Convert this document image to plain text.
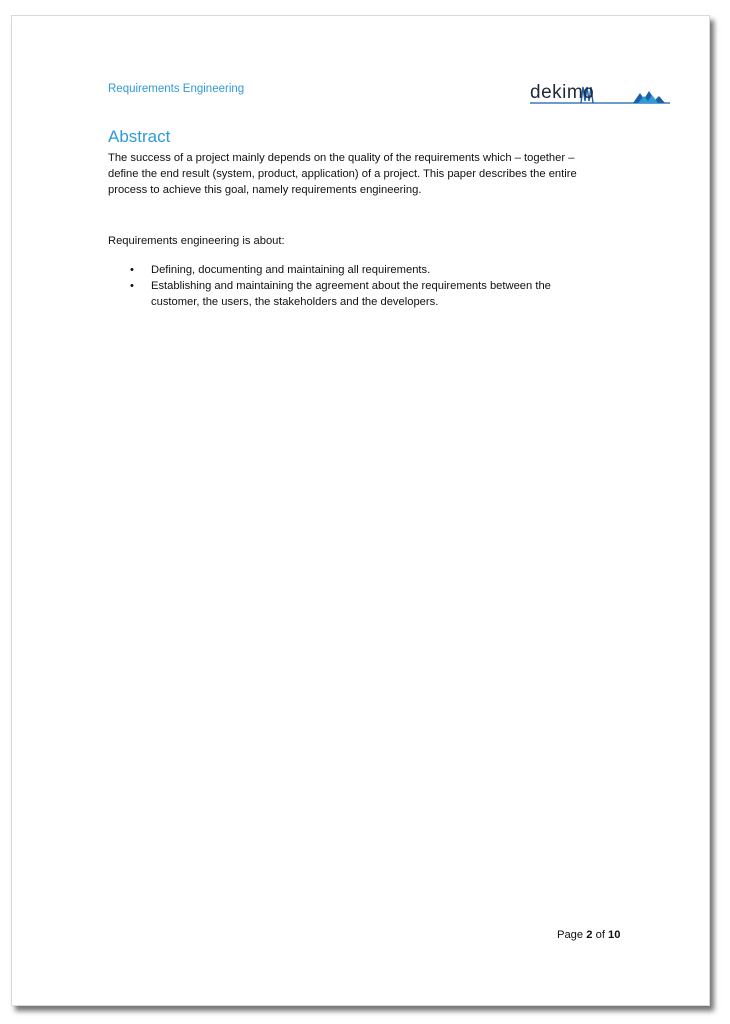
Requirements Engineering	dekimo
Abstract
The success of a project mainly depends on the quality of the requirements which – together –
define the end result (system, product, application) of a project. This paper describes the entire
process to achieve this goal, namely requirements engineering.
Requirements engineering is about:
• Defining, documenting and maintaining all requirements.
• Establishing and maintaining the agreement about the requirements between the
customer, the users, the stakeholders and the developers.
Page 2 of 10
